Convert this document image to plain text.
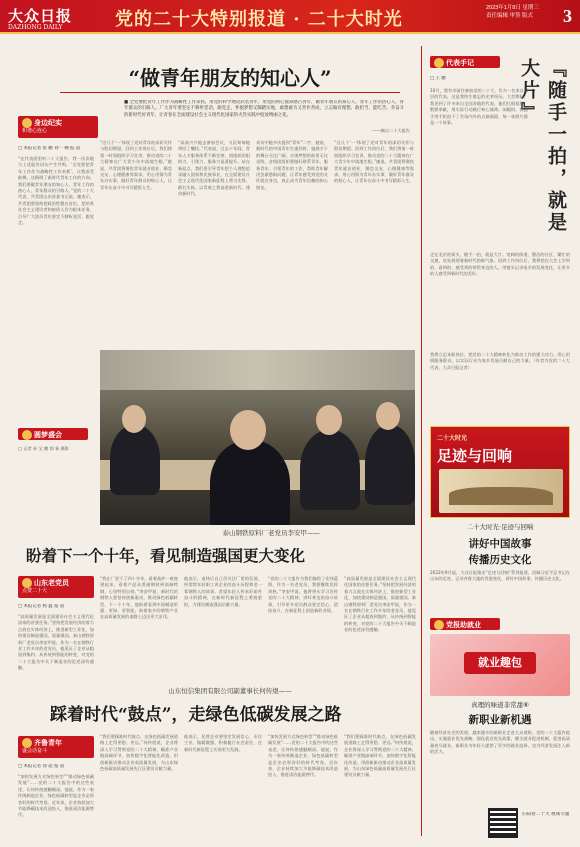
大众日报
DAZHONG DAILY	党的二十大特别报道 · 二十大时光
2023年1月8日 星期三
责任编辑 审签 版式	3
“做青年朋友的知心人”
■ 全党要把青年工作作为战略性工作来抓，用党的科学理论武装青年，用党的初心使命感召青年，做青年朋友的知心人、青年工作的热心人、青年群众的引路人。广大青年要坚定不移听党话、跟党走，怀抱梦想又脚踏实地，敢想敢为又善作善成，立志做有理想、敢担当、能吃苦、肯奋斗的新时代好青年，让青春在全面建设社会主义现代化国家的火热实践中绽放绚丽之花。
——摘自二十大报告
身边纪实
和谐心连心
□ 本报记者 张 鹏 刘一 娴 报 道
“在代表团里听二十大报告，我一次次地与上述报告词句产生共鸣。‘全党要把青年工作作为战略性工作来抓’，让我深受鼓舞，这指明了新时代青年工作的方向。我们要做青年朋友的知心人、青年工作的热心人、青年群众的引路人。”党的二十大代表、共青团山东省委书记说。她表示，共青团要坚持把政治性摆在首位，把培养社会主义建设者和接班人作为根本任务，引导广大团员青年坚定不移听党话、跟党走。
“这几个‘一’体现了党对青年的深切关怀与殷切期望。回到工作岗位后，我们将第一时间组织学习宣讲，推动党的二十大精神在广大青少年中落地生根。”她说，共青团将聚焦青年就业创业、婚恋交友、心理健康等需求，用心用情为青年办实事，做好青年群众的贴心人，让青年在奋斗中书写精彩人生。
“高高兴兴地去参加会议，又沉甸甸地带回了嘱托。”代表说，过去十年间，青年人才服务体系不断完善，团组织的组织力、引领力、服务力显著提升。站在新起点，我们要引导青年把个人理想追求融入国家和民族事业，在全面建设社会主义现代化国家新征程上勇当先锋、敢打头阵，以青春之我奋进新时代、建功新时代。
采访中她多次提到“青年”二字。她说，新时代的中国青年生逢其时，施展才干的舞台无比广阔，实现梦想的前景无比光明。各级团组织要做好联系青年、服务青年、引领青年的工作，帮助青年解决急难愁盼问题，让青年感受到党的关怀就在身边，真正成为青年信赖的知心朋友。
“这几个‘一’体现了党对青年的深切关怀与殷切期望。回到工作岗位后，我们将第一时间组织学习宣讲，推动党的二十大精神在广大青少年中落地生根。”她说，共青团将聚焦青年就业创业、婚恋交友、心理健康等需求，用心用情为青年办实事，做好青年群众的贴心人，让青年在奋斗中书写精彩人生。
圆梦盛会
□ 记者 孙 宝 鹏 郭 新 摄影
泰山钢铁原料厂老党员李安甲——
盼着下一个十年，看见制造强国更大变化
山东老党员
点赞二十大
□ 本报记者 杨 鑫 报 道
“高质量发展是全面建设社会主义现代化国家的首要任务。”坚持把发展经济的着力点放在实体经济上，推进新型工业化，加快建设制造强国、质量强国。泰山钢铁原料厂老党员李安甲说，作为一名在钢铁行业工作多年的老党员，他见证了企业从粗放到集约、从传统到智能的转变，对党的二十大报告中关于制造业的论述深有感触。
“我在厂里干了四十多年，看着高炉一座座建起来，看着产品从普通钢材到高端特钢，心里特别自豪。”李安甲说，新时代的钢铁人要坚持创新驱动，推动绿色低碳转型，下一个十年，他盼着看到中国制造更强、更绿、更智能，盼着家乡的钢铁产业在高质量发展的道路上迈出更大步伐。
他表示，退休后自己仍关注厂里的发展，经常给年轻职工讲企业的奋斗历程和老一辈钢铁人的故事，希望年轻人传承好艰苦奋斗的精神，在新时代新征程上勇挑重担，为建设制造强国贡献力量。
“党的二十大报告为我们描绘了宏伟蓝图，作为一名老党员，我要继续发挥余热。”李安甲说，他将带头学习宣传党的二十大精神，讲好身边的奋斗故事，引导更多党员群众坚定信心、团结奋斗，在新征程上创造新的业绩。
“高质量发展是全面建设社会主义现代化国家的首要任务。”坚持把发展经济的着力点放在实体经济上，推进新型工业化，加快建设制造强国、质量强国。泰山钢铁原料厂老党员李安甲说，作为一名在钢铁行业工作多年的老党员，他见证了企业从粗放到集约、从传统到智能的转变，对党的二十大报告中关于制造业的论述深有感触。
山东恒信集团有限公司副董事长何传煜——
踩着时代“鼓点”，走绿色低碳发展之路
齐鲁青年
盛会话奋斗
□ 本报记者 徐 超 报 道
“加快发展方式绿色转型”“推动绿色低碳发展”……党的二十大报告中的这些表述，让何传煜感触颇深。他说，作为一家传统制造企业，绿色低碳转型是企业必须答好的时代考卷。近年来，企业持续加大节能降碳技术改造投入，推进清洁能源替代。
“我们要踩准时代鼓点，在绿色低碳发展道路上走得更稳、更远。”何传煜说，企业将深入学习贯彻党的二十大精神，瞄准产业链高端环节，加快数字化智能化改造，用创新驱动推动企业高质量发展，为山东绿色低碳高质量发展先行区建设贡献力量。
他表示，民营企业要坚定发展信心，专注主业、做精做强，积极履行社会责任，在新时代新征程上实现更大发展。
“加快发展方式绿色转型”“推动绿色低碳发展”……党的二十大报告中的这些表述，让何传煜感触颇深。他说，作为一家传统制造企业，绿色低碳转型是企业必须答好的时代考卷。近年来，企业持续加大节能降碳技术改造投入，推进清洁能源替代。
“我们要踩准时代鼓点，在绿色低碳发展道路上走得更稳、更远。”何传煜说，企业将深入学习贯彻党的二十大精神，瞄准产业链高端环节，加快数字化智能化改造，用创新驱动推动企业高质量发展，为山东绿色低碳高质量发展先行区建设贡献力量。
代表手记
□ 王 鹏	『随手一拍，就是大片』
10月，我有幸前往参加党的二十大，作为一名来自基层的代表，这是我终生难忘的光荣经历。大会期间，我见到了许多来自全国各地的代表，他们扎根基层、默默奉献，用实际行动践行初心使命。闲暇时，我随手用手机拍下了会场内外的点滴画面，每一张照片都是一个故事。
走在北京的街头，随手一拍，就是大片。宽阔的街道、整洁的社区、繁忙的交通，处处展现着新时代的新气象。回到工作岗位后，我将把在大会上学到的、看到的、感受到的带给身边的人，用镜头记录家乡的发展变化，让更多的人感受到新时代的美好。
我将立足本职岗位，把党的二十大精神转化为推动工作的强大动力，用心用情服务群众，以实际行动为家乡发展贡献自己的力量。（作者为党的二十大代表，大众日报记者）
二十大时光
足迹与回响
二十大时光·足迹与回响
讲好中国故事
传播历史文化
2022年9月起，大众日报推出“足迹与回响”系列报道，回顾习近平总书记在山东的足迹，记录齐鲁大地的发展变化，讲好中国故事，传播历史文化。
党报助就业
就业趣包
真理的味道非常甜⑥
新职业新机遇
随着经济社会的发展，越来越多的新职业走进大众视野。党的二十大报告提出，实施就业优先战略，强化就业优先政策，健全就业促进机制，促进高质量充分就业。新职业为年轻人提供了更多的就业选择，也为经济发展注入新的活力。
扫码看二十大 视频专题
